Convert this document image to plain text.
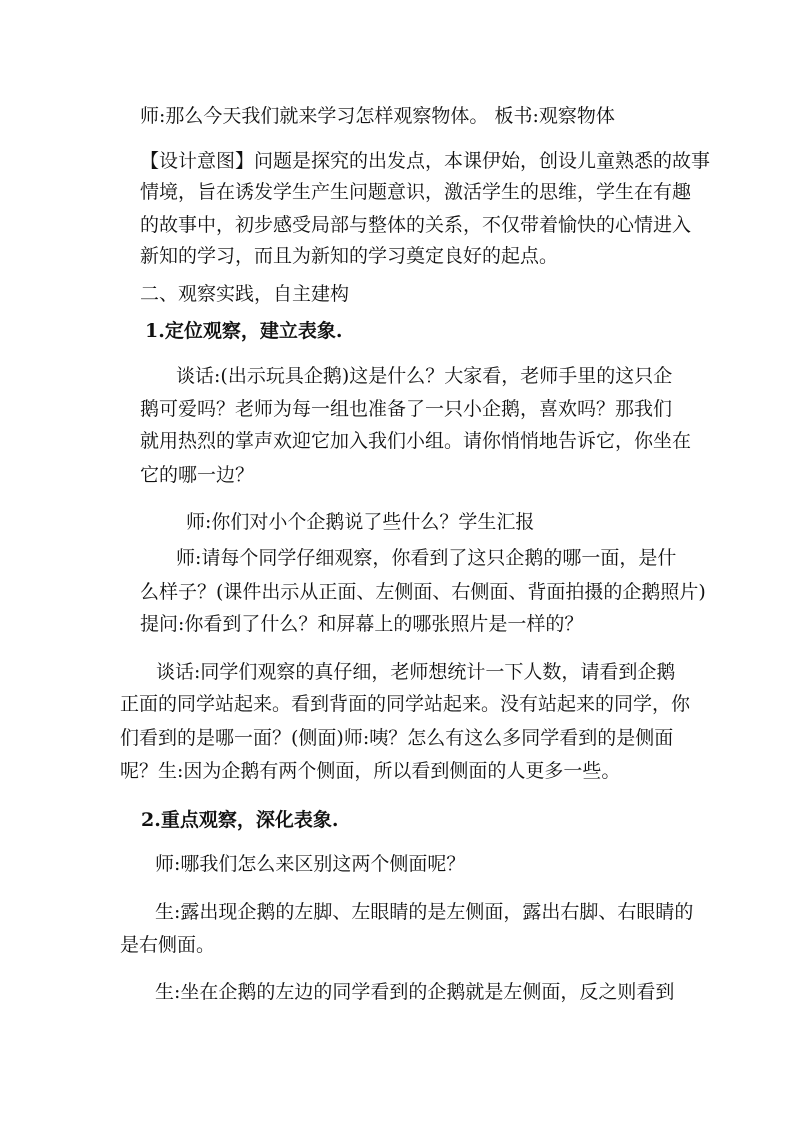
师:那么今天我们就来学习怎样观察物体。 板书:观察物体
【设计意图】问题是探究的出发点，本课伊始，创设儿童熟悉的故事
情境，旨在诱发学生产生问题意识，激活学生的思维，学生在有趣
的故事中，初步感受局部与整体的关系，不仅带着愉快的心情进入
新知的学习，而且为新知的学习奠定良好的起点。
二、观察实践，自主建构
1.定位观察，建立表象.
谈话:(出示玩具企鹅)这是什么？大家看，老师手里的这只企
鹅可爱吗？老师为每一组也准备了一只小企鹅，喜欢吗？那我们
就用热烈的掌声欢迎它加入我们小组。请你悄悄地告诉它，你坐在
它的哪一边？
师:你们对小个企鹅说了些什么？学生汇报
师:请每个同学仔细观察，你看到了这只企鹅的哪一面，是什
么样子？(课件出示从正面、左侧面、右侧面、背面拍摄的企鹅照片)
提问:你看到了什么？和屏幕上的哪张照片是一样的？
谈话:同学们观察的真仔细，老师想统计一下人数，请看到企鹅
正面的同学站起来。看到背面的同学站起来。没有站起来的同学，你
们看到的是哪一面？(侧面)师:咦？怎么有这么多同学看到的是侧面
呢？生:因为企鹅有两个侧面，所以看到侧面的人更多一些。
2.重点观察，深化表象.
师:哪我们怎么来区别这两个侧面呢？
生:露出现企鹅的左脚、左眼睛的是左侧面，露出右脚、右眼睛的
是右侧面。
生:坐在企鹅的左边的同学看到的企鹅就是左侧面，反之则看到
